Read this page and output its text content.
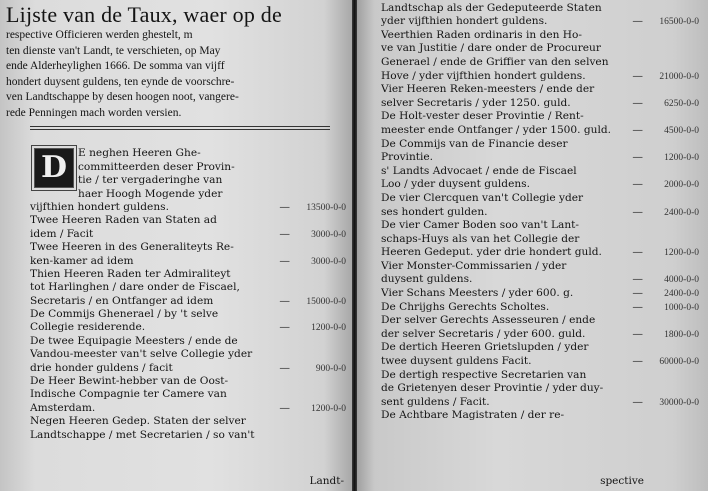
Lijste van de Taux, waer op de
respective Officieren werden ghestelt, m
ten dienste van't Landt, te verschieten, op May
ende Alderheylighen 1666. De somma van vijff
hondert duysent guldens, ten eynde de voorschre-
ven Landtschappe by desen hoogen noot, vangere-
rede Penningen mach worden versien.
D	E neghen Heeren Ghe-
committeerden deser Provin-
tie / ter vergaderinghe van
haer Hoogh Mogende yder
vijfthien hondert guldens.	—	13500-0-0
Twee Heeren Raden van Staten ad
idem / Facit	—	3000-0-0
Twee Heeren in des Generaliteyts Re-
ken-kamer ad idem	—	3000-0-0
Thien Heeren Raden ter Admiraliteyt
tot Harlinghen / dare onder de Fiscael,
Secretaris / en Ontfanger ad idem	—	15000-0-0
De Commijs Ghenerael / by 't selve
Collegie residerende.	—	1200-0-0
De twee Equipagie Meesters / ende de
Vandou-meester van't selve Collegie yder
drie honder guldens / facit	—	900-0-0
De Heer Bewint-hebber van de Oost-
Indische Compagnie ter Camere van
Amsterdam.	—	1200-0-0
Negen Heeren Gedep. Staten der selver
Landtschappe / met Secretarien / so van't
Landt-
Landtschap als der Gedeputeerde Staten
yder vijfthien hondert guldens.	—	16500-0-0
Veerthien Raden ordinaris in den Ho-
ve van Justitie / dare onder de Procureur
Generael / ende de Griffier van den selven
Hove / yder vijfthien hondert guldens.	—	21000-0-0
Vier Heeren Reken-meesters / ende der
selver Secretaris / yder 1250. guld.	—	6250-0-0
De Holt-vester deser Provintie / Rent-
meester ende Ontfanger / yder 1500. guld.	—	4500-0-0
De Commijs van de Financie deser
Provintie.	—	1200-0-0
s' Landts Advocaet / ende de Fiscael
Loo / yder duysent guldens.	—	2000-0-0
De vier Clercquen van't Collegie yder
ses hondert gulden.	—	2400-0-0
De vier Camer Boden soo van't Lant-
schaps-Huys als van het Collegie der
Heeren Gedeput. yder drie hondert guld.	—	1200-0-0
Vier Monster-Commissarien / yder
duysent guldens.	—	4000-0-0
Vier Schans Meesters / yder 600. g.	—	2400-0-0
De Chrijghs Gerechts Scholtes.	—	1000-0-0
Der selver Gerechts Assesseuren / ende
der selver Secretaris / yder 600. guld.	—	1800-0-0
De dertich Heeren Grietslupden / yder
twee duysent guldens Facit.	—	60000-0-0
De dertigh respective Secretarien van
de Grietenyen deser Provintie / yder duy-
sent guldens / Facit.	—	30000-0-0
De Achtbare Magistraten / der re-
spective
